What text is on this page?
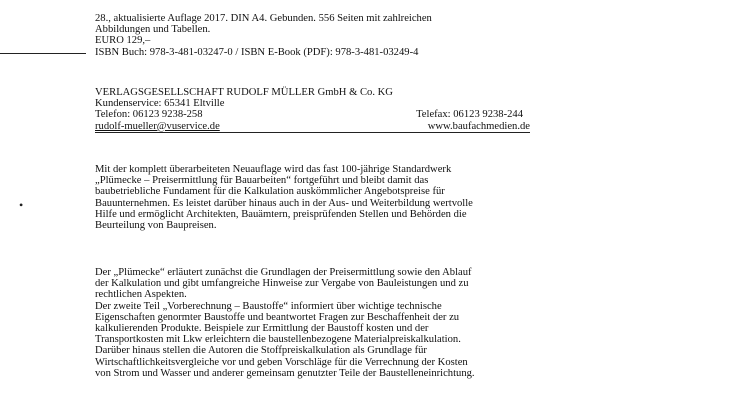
•
28., aktualisierte Auflage 2017. DIN A4. Gebunden. 556 Seiten mit zahlreichen
Abbildungen und Tabellen.
EURO 129,–
ISBN Buch: 978-3-481-03247-0 / ISBN E-Book (PDF): 978-3-481-03249-4
VERLAGSGESELLSCHAFT RUDOLF MÜLLER GmbH & Co. KG
Kundenservice: 65341 Eltville
Telefon: 06123 9238-258	Telefax: 06123 9238-244
rudolf-mueller@vuservice.de	www.baufachmedien.de
Mit der komplett überarbeiteten Neuauflage wird das fast 100-jährige Standardwerk
„Plümecke – Preisermittlung für Bauarbeiten“ fortgeführt und bleibt damit das
baubetriebliche Fundament für die Kalkulation auskömmlicher Angebotspreise für
Bauunternehmen. Es leistet darüber hinaus auch in der Aus- und Weiterbildung wertvolle
Hilfe und ermöglicht Architekten, Bauämtern, preisprüfenden Stellen und Behörden die
Beurteilung von Baupreisen.
Der „Plümecke“ erläutert zunächst die Grundlagen der Preisermittlung sowie den Ablauf
der Kalkulation und gibt umfangreiche Hinweise zur Vergabe von Bauleistungen und zu
rechtlichen Aspekten.
Der zweite Teil „Vorberechnung – Baustoffe“ informiert über wichtige technische
Eigenschaften genormter Baustoffe und beantwortet Fragen zur Beschaffenheit der zu
kalkulierenden Produkte. Beispiele zur Ermittlung der Baustoff kosten und der
Transportkosten mit Lkw erleichtern die baustellenbezogene Materialpreiskalkulation.
Darüber hinaus stellen die Autoren die Stoffpreiskalkulation als Grundlage für
Wirtschaftlichkeitsvergleiche vor und geben Vorschläge für die Verrechnung der Kosten
von Strom und Wasser und anderer gemeinsam genutzter Teile der Baustelleneinrichtung.
